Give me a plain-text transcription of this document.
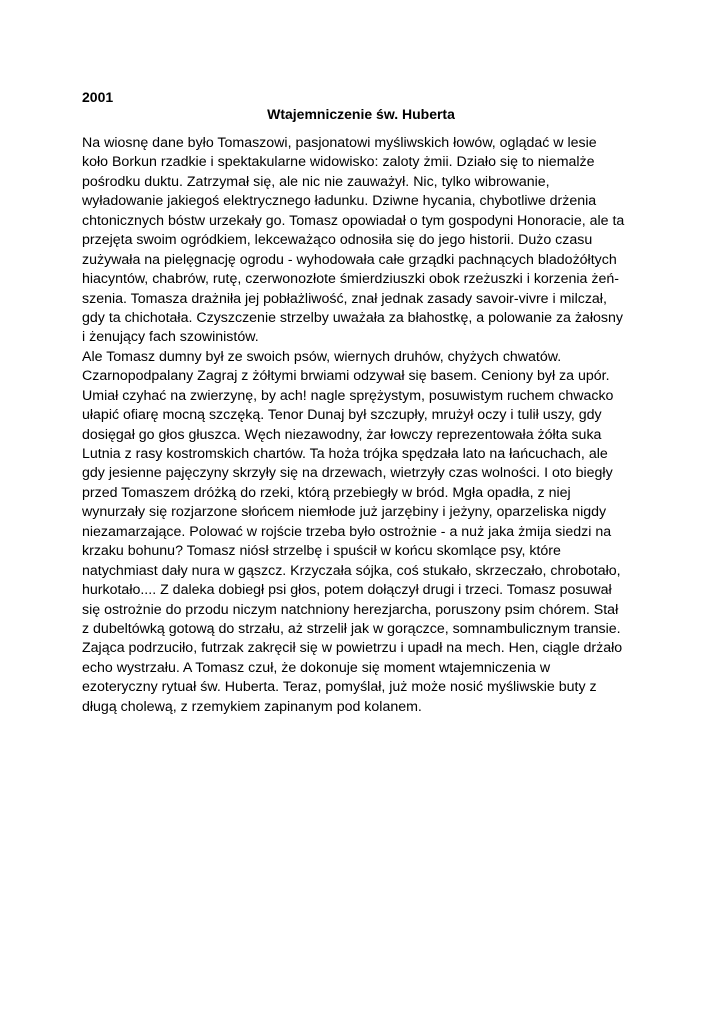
2001
Wtajemniczenie św. Huberta
Na wiosnę dane było Tomaszowi, pasjonatowi myśliwskich łowów, oglądać w lesie
koło Borkun rzadkie i spektakularne widowisko: zaloty żmii. Działo się to niemalże
pośrodku duktu. Zatrzymał się, ale nic nie zauważył. Nic, tylko wibrowanie,
wyładowanie jakiegoś elektrycznego ładunku. Dziwne hycania, chybotliwe drżenia
chtonicznych bóstw urzekały go. Tomasz opowiadał o tym gospodyni Honoracie, ale ta
przejęta swoim ogródkiem, lekceważąco odnosiła się do jego historii. Dużo czasu
zużywała na pielęgnację ogrodu - wyhodowała całe grządki pachnących bladożółtych
hiacyntów, chabrów, rutę, czerwonozłote śmierdziuszki obok rzeżuszki i korzenia żeń-
szenia. Tomasza drażniła jej pobłażliwość, znał jednak zasady savoir-vivre i milczał,
gdy ta chichotała. Czyszczenie strzelby uważała za błahostkę, a polowanie za żałosny
i żenujący fach szowinistów.
Ale Tomasz dumny był ze swoich psów, wiernych druhów, chyżych chwatów.
Czarnopodpalany Zagraj z żółtymi brwiami odzywał się basem. Ceniony był za upór.
Umiał czyhać na zwierzynę, by ach! nagle sprężystym, posuwistym ruchem chwacko
ułapić ofiarę mocną szczęką. Tenor Dunaj był szczupły, mrużył oczy i tulił uszy, gdy
dosięgał go głos głuszca. Węch niezawodny, żar łowczy reprezentowała żółta suka
Lutnia z rasy kostromskich chartów. Ta hoża trójka spędzała lato na łańcuchach, ale
gdy jesienne pajęczyny skrzyły się na drzewach, wietrzyły czas wolności. I oto biegły
przed Tomaszem dróżką do rzeki, którą przebiegły w bród. Mgła opadła, z niej
wynurzały się rozjarzone słońcem niemłode już jarzębiny i jeżyny, oparzeliska nigdy
niezamarzające. Polować w rojście trzeba było ostrożnie - a nuż jaka żmija siedzi na
krzaku bohunu? Tomasz niósł strzelbę i spuścił w końcu skomlące psy, które
natychmiast dały nura w gąszcz. Krzyczała sójka, coś stukało, skrzeczało, chrobotało,
hurkotało.... Z daleka dobiegł psi głos, potem dołączył drugi i trzeci. Tomasz posuwał
się ostrożnie do przodu niczym natchniony herezjarcha, poruszony psim chórem. Stał
z dubeltówką gotową do strzału, aż strzelił jak w gorączce, somnambulicznym transie.
Zająca podrzuciło, futrzak zakręcił się w powietrzu i upadł na mech. Hen, ciągle drżało
echo wystrzału. A Tomasz czuł, że dokonuje się moment wtajemniczenia w
ezoteryczny rytuał św. Huberta. Teraz, pomyślał, już może nosić myśliwskie buty z
długą cholewą, z rzemykiem zapinanym pod kolanem.
